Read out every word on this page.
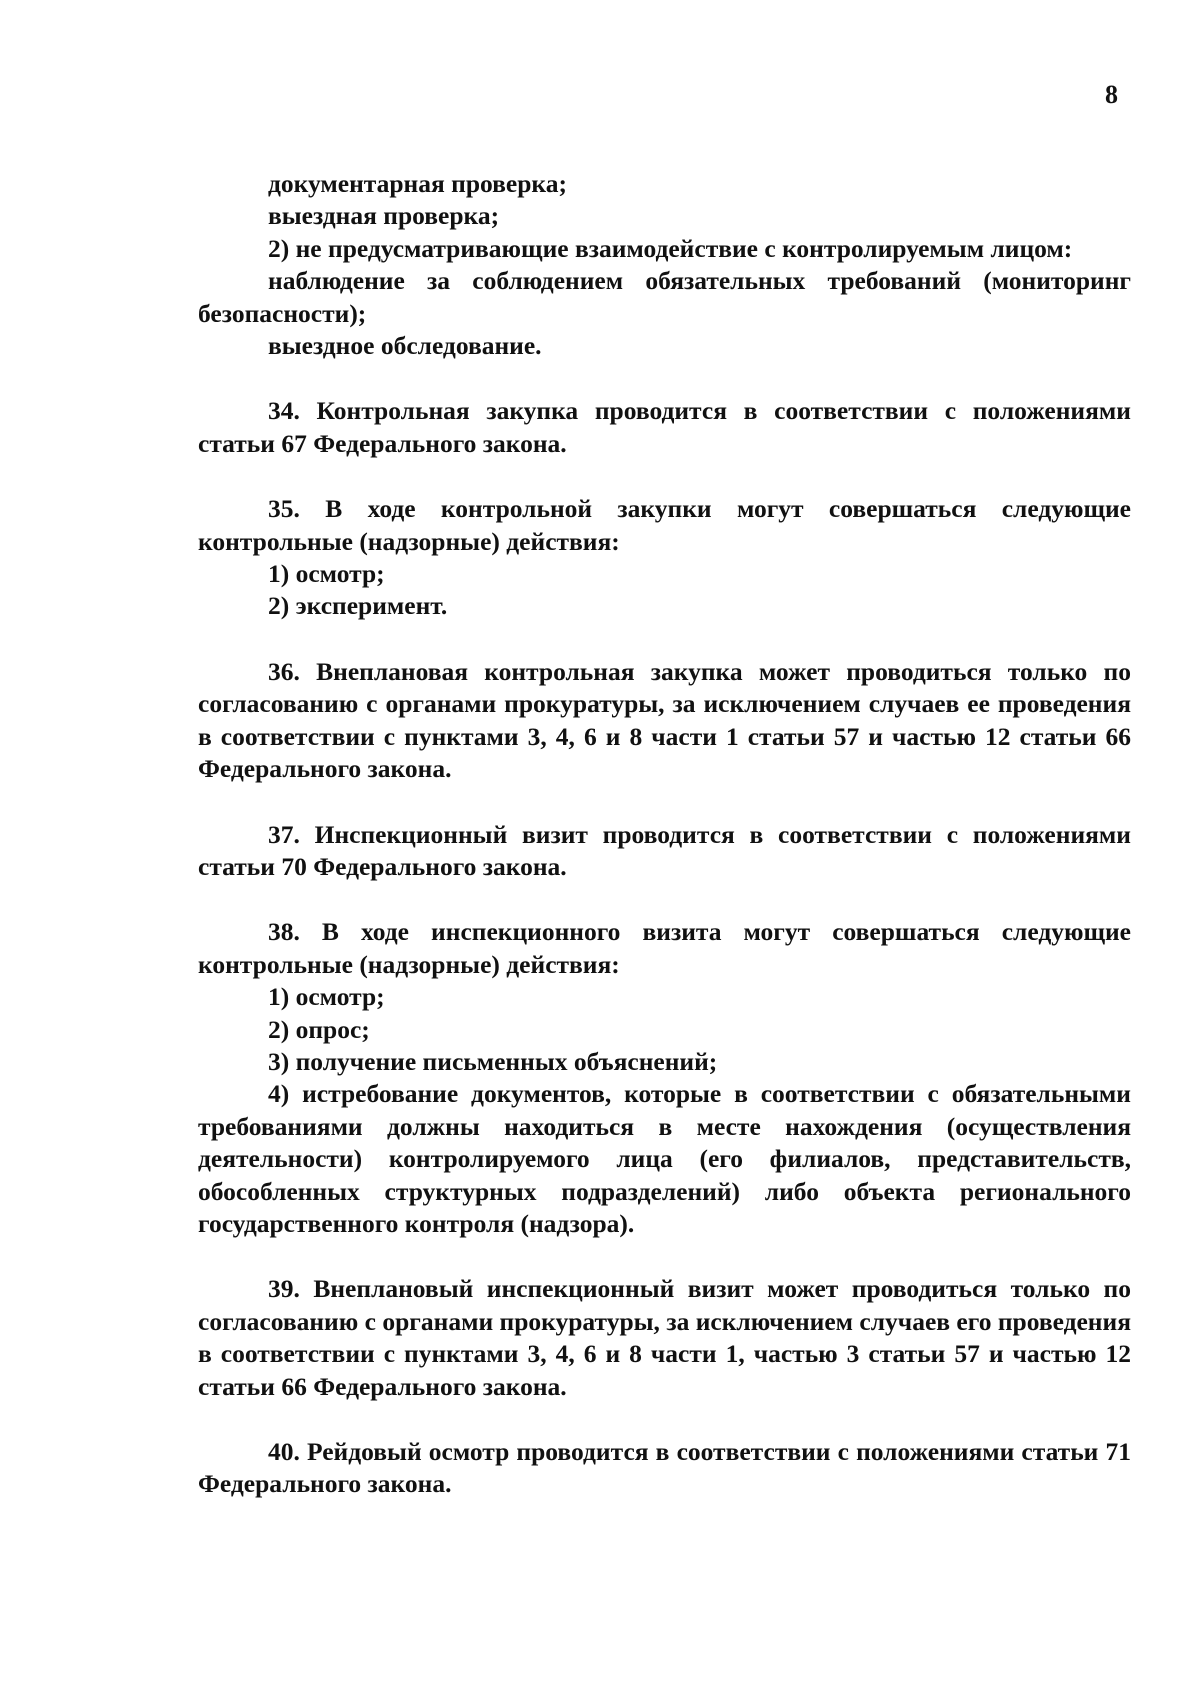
8

документарная проверка;

выездная проверка;

2) не предусматривающие взаимодействие с контролируемым лицом:

наблюдение за соблюдением обязательных требований (мониторинг безопасности);

выездное обследование.

34. Контрольная закупка проводится в соответствии с положениями статьи 67 Федерального закона.

35. В ходе контрольной закупки могут совершаться следующие контрольные (надзорные) действия:

1) осмотр;

2) эксперимент.

36. Внеплановая контрольная закупка может проводиться только по согласованию с органами прокуратуры, за исключением случаев ее проведения в соответствии с пунктами 3, 4, 6 и 8 части 1 статьи 57 и частью 12 статьи 66 Федерального закона.

37. Инспекционный визит проводится в соответствии с положениями статьи 70 Федерального закона.

38. В ходе инспекционного визита могут совершаться следующие контрольные (надзорные) действия:

1) осмотр;

2) опрос;

3) получение письменных объяснений;

4) истребование документов, которые в соответствии с обязательными требованиями должны находиться в месте нахождения (осуществления деятельности) контролируемого лица (его филиалов, представительств, обособленных структурных подразделений) либо объекта регионального государственного контроля (надзора).

39. Внеплановый инспекционный визит может проводиться только по согласованию с органами прокуратуры, за исключением случаев его проведения в соответствии с пунктами 3, 4, 6 и 8 части 1, частью 3 статьи 57 и частью 12 статьи 66 Федерального закона.

40. Рейдовый осмотр проводится в соответствии с положениями статьи 71 Федерального закона.
